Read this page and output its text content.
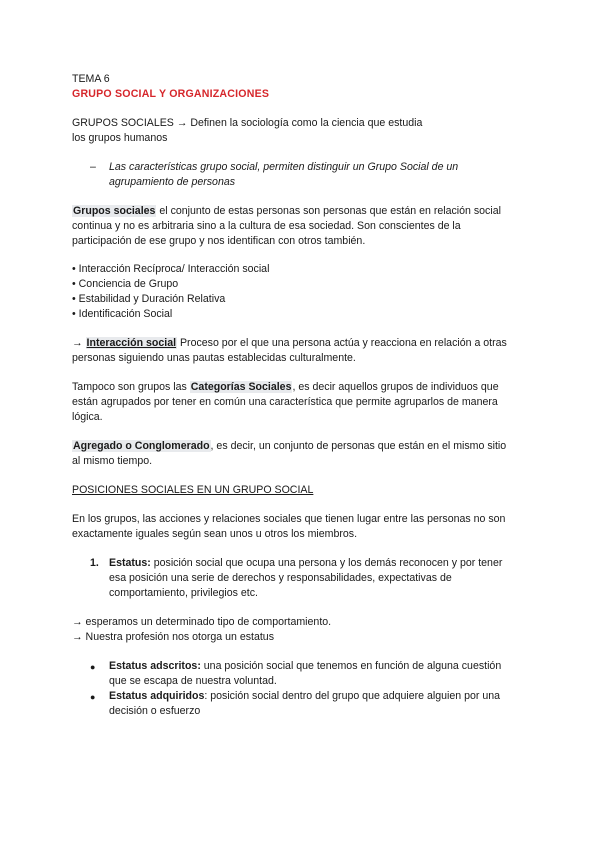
TEMA 6
GRUPO SOCIAL Y ORGANIZACIONES
GRUPOS SOCIALES → Definen la sociología como la ciencia que estudia
los grupos humanos
– Las características grupo social, permiten distinguir un Grupo Social de un
agrupamiento de personas
Grupos sociales el conjunto de estas personas son personas que están en relación social
continua y no es arbitraria sino a la cultura de esa sociedad. Son conscientes de la
participación de ese grupo y nos identifican con otros también.
• Interacción Recíproca/ Interacción social
• Conciencia de Grupo
• Estabilidad y Duración Relativa
• Identificación Social
→ Interacción social Proceso por el que una persona actúa y reacciona en relación a otras
personas siguiendo unas pautas establecidas culturalmente.
Tampoco son grupos las Categorías Sociales, es decir aquellos grupos de individuos que
están agrupados por tener en común una característica que permite agruparlos de manera
lógica.
Agregado o Conglomerado, es decir, un conjunto de personas que están en el mismo sitio
al mismo tiempo.
POSICIONES SOCIALES EN UN GRUPO SOCIAL
En los grupos, las acciones y relaciones sociales que tienen lugar entre las personas no son
exactamente iguales según sean unos u otros los miembros.
1. Estatus: posición social que ocupa una persona y los demás reconocen y por tener
esa posición una serie de derechos y responsabilidades, expectativas de
comportamiento, privilegios etc.
→ esperamos un determinado tipo de comportamiento.
→ Nuestra profesión nos otorga un estatus
● Estatus adscritos: una posición social que tenemos en función de alguna cuestión
que se escapa de nuestra voluntad.
● Estatus adquiridos: posición social dentro del grupo que adquiere alguien por una
decisión o esfuerzo
